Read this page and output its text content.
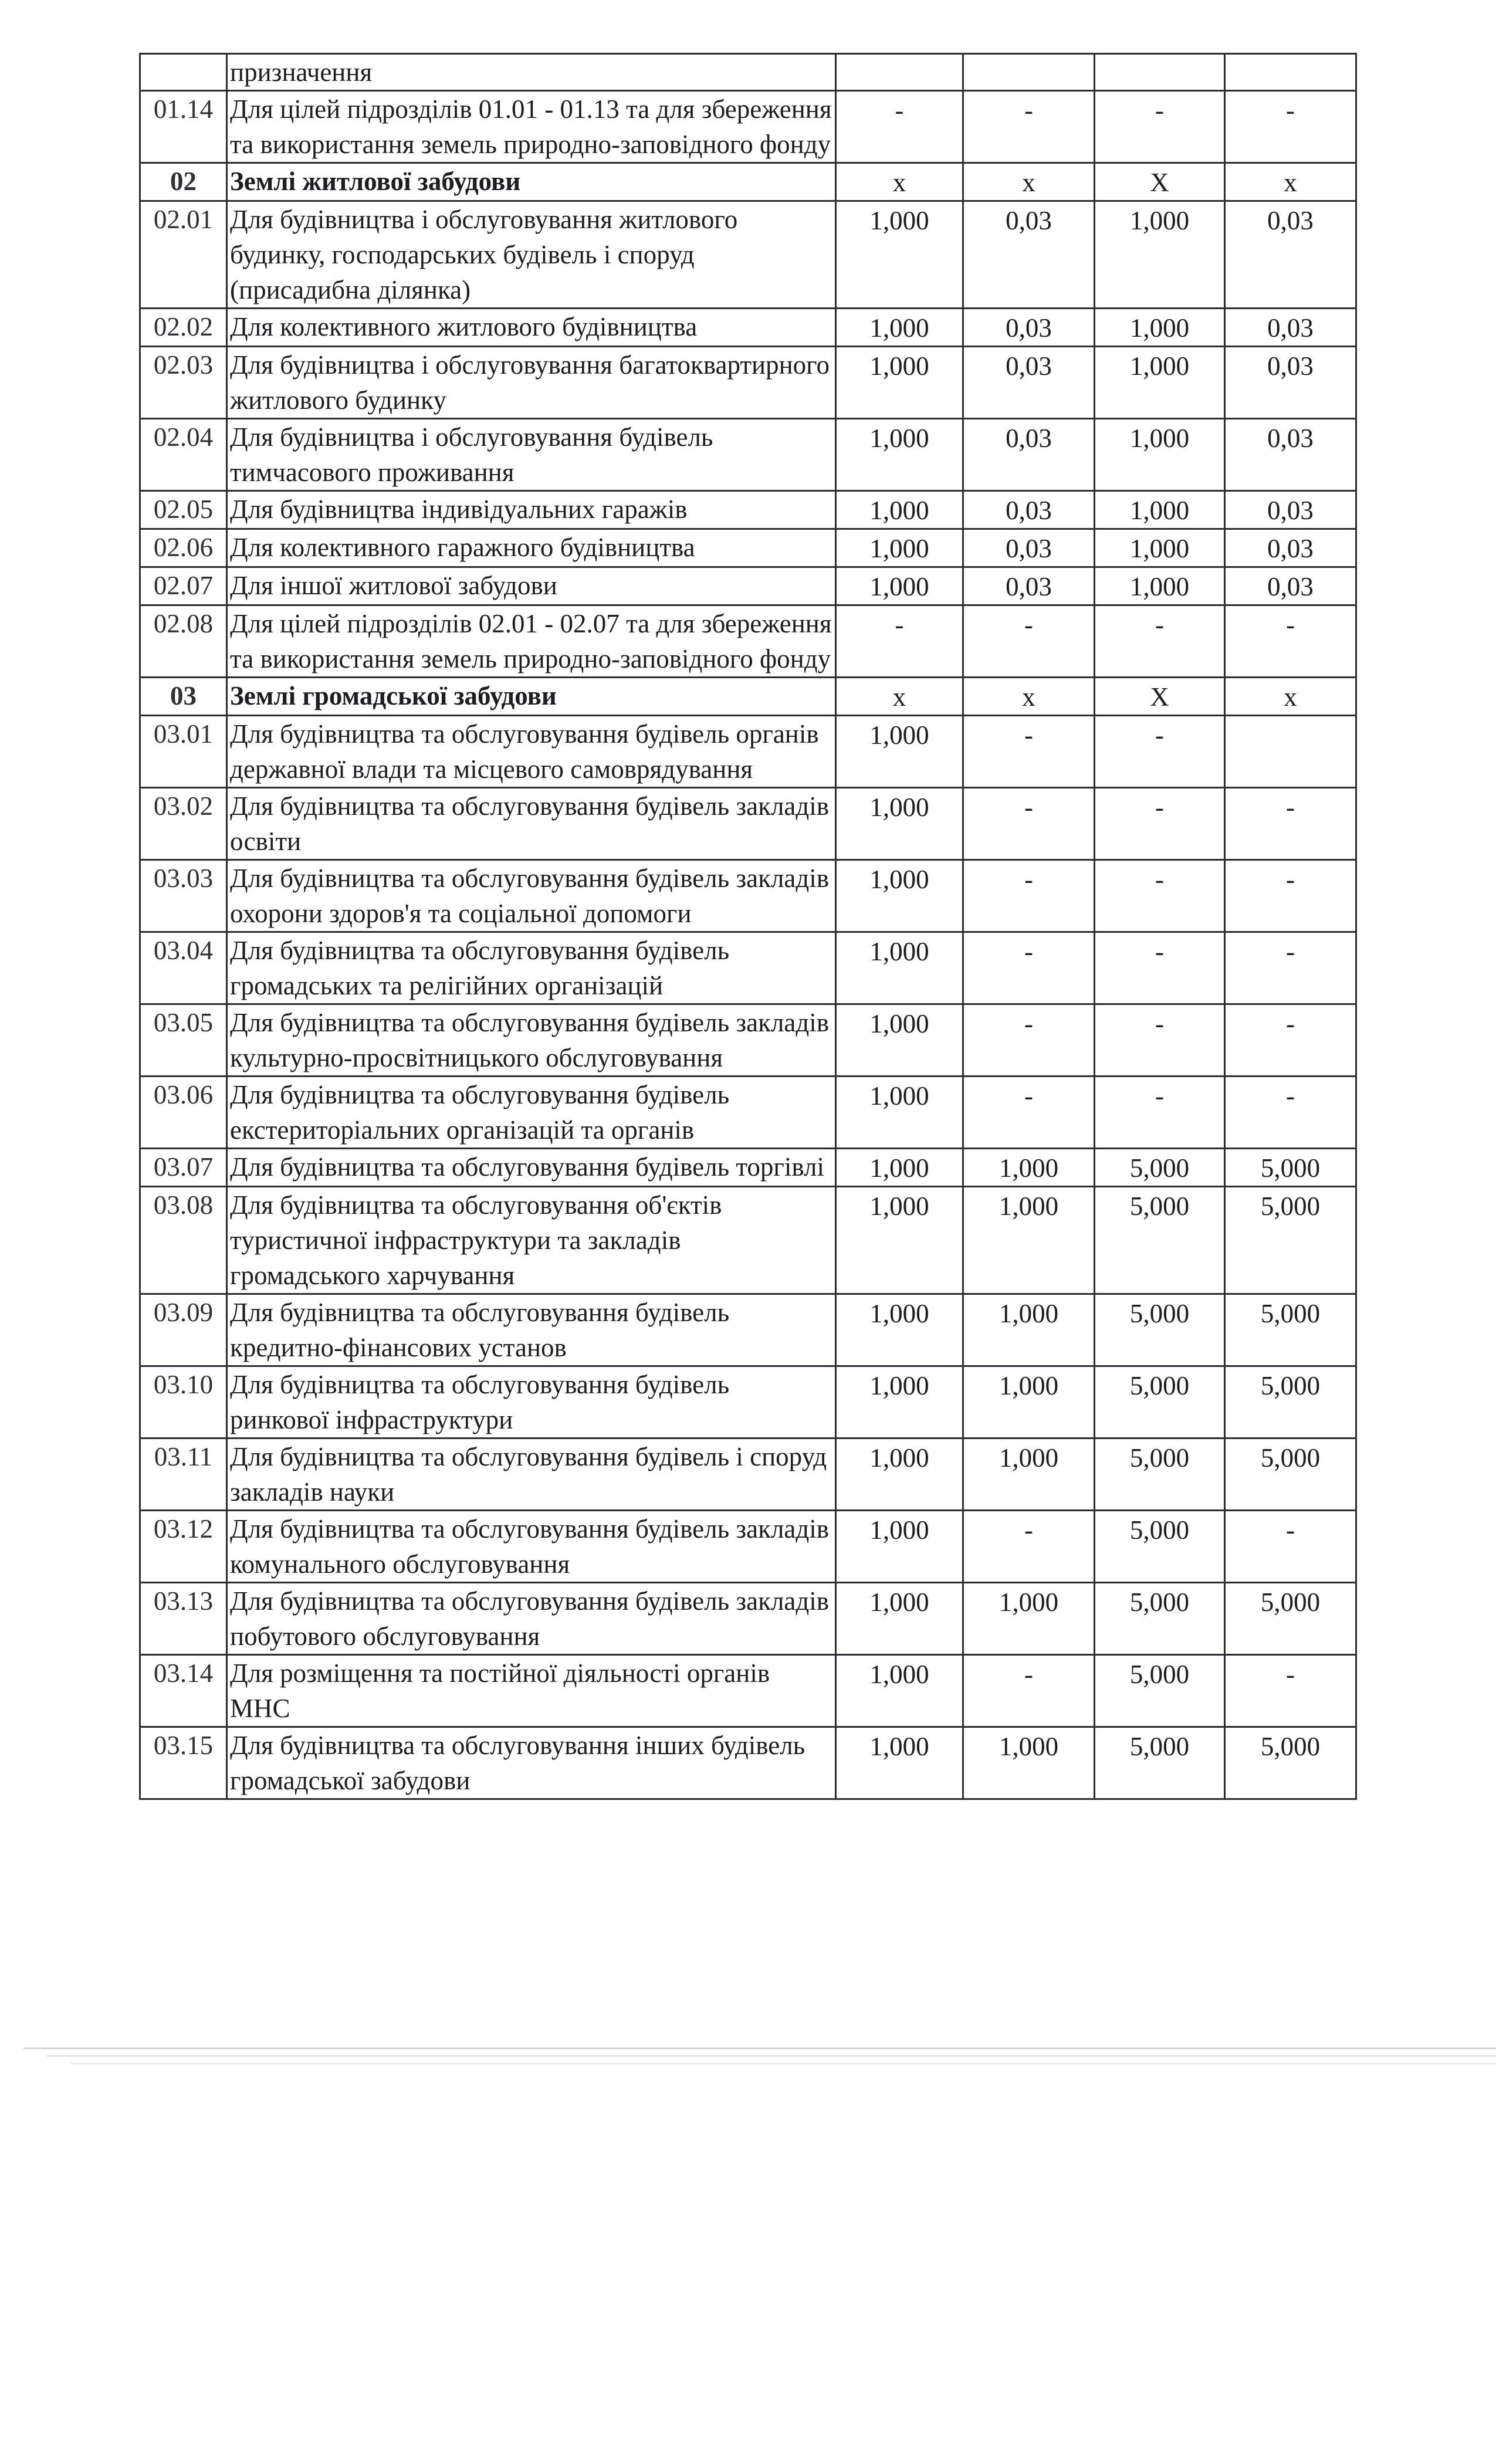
	призначення				
01.14	Для цілей підрозділів 01.01 - 01.13 та для збереження та використання земель природно-заповідного фонду	-	-	-	-
02	Землі житлової забудови	х	х	Х	х
02.01	Для будівництва і обслуговування житлового будинку, господарських будівель і споруд (присадибна ділянка)	1,000	0,03	1,000	0,03
02.02	Для колективного житлового будівництва	1,000	0,03	1,000	0,03
02.03	Для будівництва і обслуговування багатоквартирного житлового будинку	1,000	0,03	1,000	0,03
02.04	Для будівництва і обслуговування будівель тимчасового проживання	1,000	0,03	1,000	0,03
02.05	Для будівництва індивідуальних гаражів	1,000	0,03	1,000	0,03
02.06	Для колективного гаражного будівництва	1,000	0,03	1,000	0,03
02.07	Для іншої житлової забудови	1,000	0,03	1,000	0,03
02.08	Для цілей підрозділів 02.01 - 02.07 та для збереження та використання земель природно-заповідного фонду	-	-	-	-
03	Землі громадської забудови	х	х	Х	х
03.01	Для будівництва та обслуговування будівель органів державної влади та місцевого самоврядування	1,000	-	-	
03.02	Для будівництва та обслуговування будівель закладів освіти	1,000	-	-	-
03.03	Для будівництва та обслуговування будівель закладів охорони здоров'я та соціальної допомоги	1,000	-	-	-
03.04	Для будівництва та обслуговування будівель громадських та релігійних організацій	1,000	-	-	-
03.05	Для будівництва та обслуговування будівель закладів культурно-просвітницького обслуговування	1,000	-	-	-
03.06	Для будівництва та обслуговування будівель екстериторіальних організацій та органів	1,000	-	-	-
03.07	Для будівництва та обслуговування будівель торгівлі	1,000	1,000	5,000	5,000
03.08	Для будівництва та обслуговування об'єктів туристичної інфраструктури та закладів громадського харчування	1,000	1,000	5,000	5,000
03.09	Для будівництва та обслуговування будівель кредитно-фінансових установ	1,000	1,000	5,000	5,000
03.10	Для будівництва та обслуговування будівель ринкової інфраструктури	1,000	1,000	5,000	5,000
03.11	Для будівництва та обслуговування будівель і споруд закладів науки	1,000	1,000	5,000	5,000
03.12	Для будівництва та обслуговування будівель закладів комунального обслуговування	1,000	-	5,000	-
03.13	Для будівництва та обслуговування будівель закладів побутового обслуговування	1,000	1,000	5,000	5,000
03.14	Для розміщення та постійної діяльності органів МНС	1,000	-	5,000	-
03.15	Для будівництва та обслуговування інших будівель громадської забудови	1,000	1,000	5,000	5,000
